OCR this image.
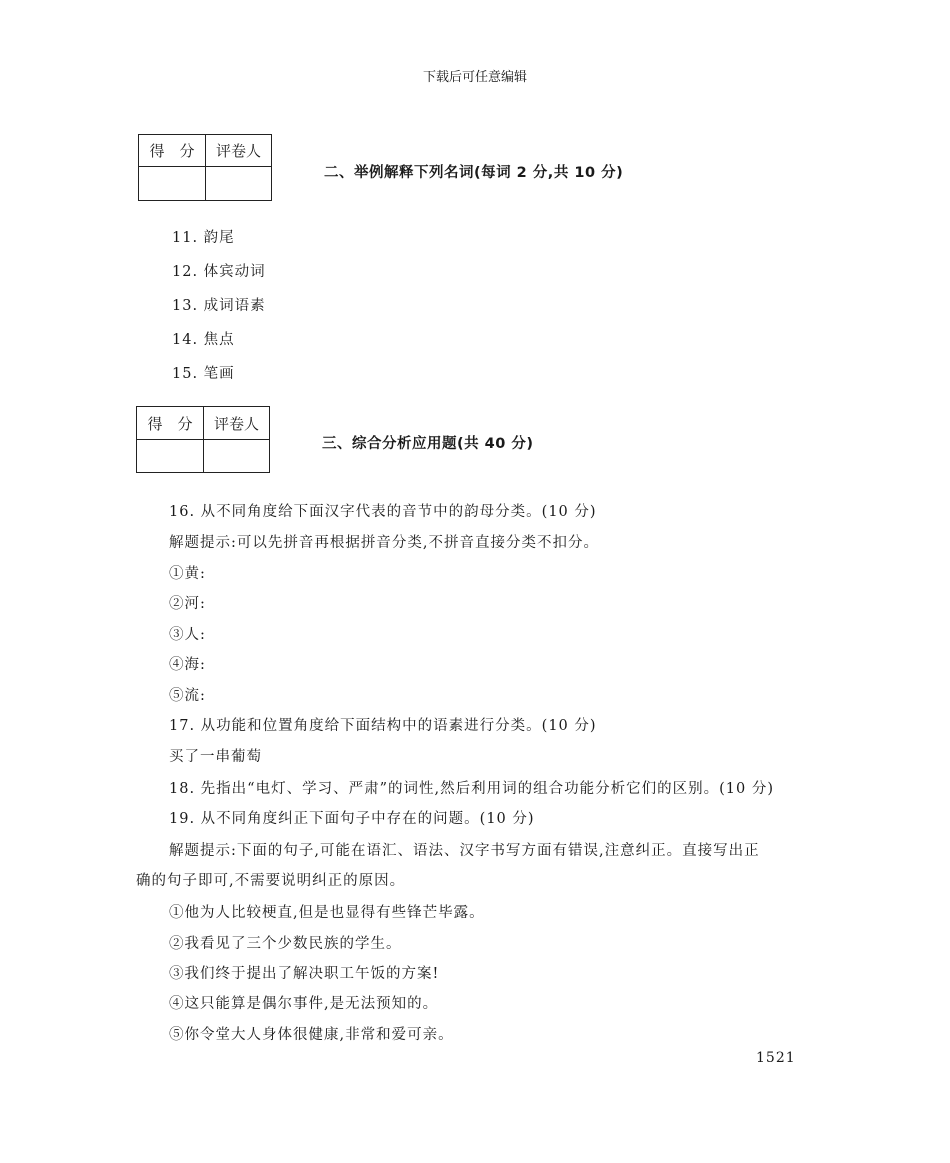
下载后可任意编辑
得　分	评卷人

二、举例解释下列名词(每词 2 分,共 10 分)
11. 韵尾
12. 体宾动词
13. 成词语素
14. 焦点
15. 笔画
得　分	评卷人

三、综合分析应用题(共 40 分)
16. 从不同角度给下面汉字代表的音节中的韵母分类。(10 分)
解题提示:可以先拼音再根据拼音分类,不拼音直接分类不扣分。
①黄:
②河:
③人:
④海:
⑤流:
17. 从功能和位置角度给下面结构中的语素进行分类。(10 分)
买了一串葡萄
18. 先指出“电灯、学习、严肃”的词性,然后利用词的组合功能分析它们的区别。(10 分)
19. 从不同角度纠正下面句子中存在的问题。(10 分)
解题提示:下面的句子,可能在语汇、语法、汉字书写方面有错误,注意纠正。直接写出正
确的句子即可,不需要说明纠正的原因。
①他为人比较梗直,但是也显得有些锋芒毕露。
②我看见了三个少数民族的学生。
③我们终于提出了解决职工午饭的方案!
④这只能算是偶尔事件,是无法预知的。
⑤你令堂大人身体很健康,非常和爱可亲。
1521
